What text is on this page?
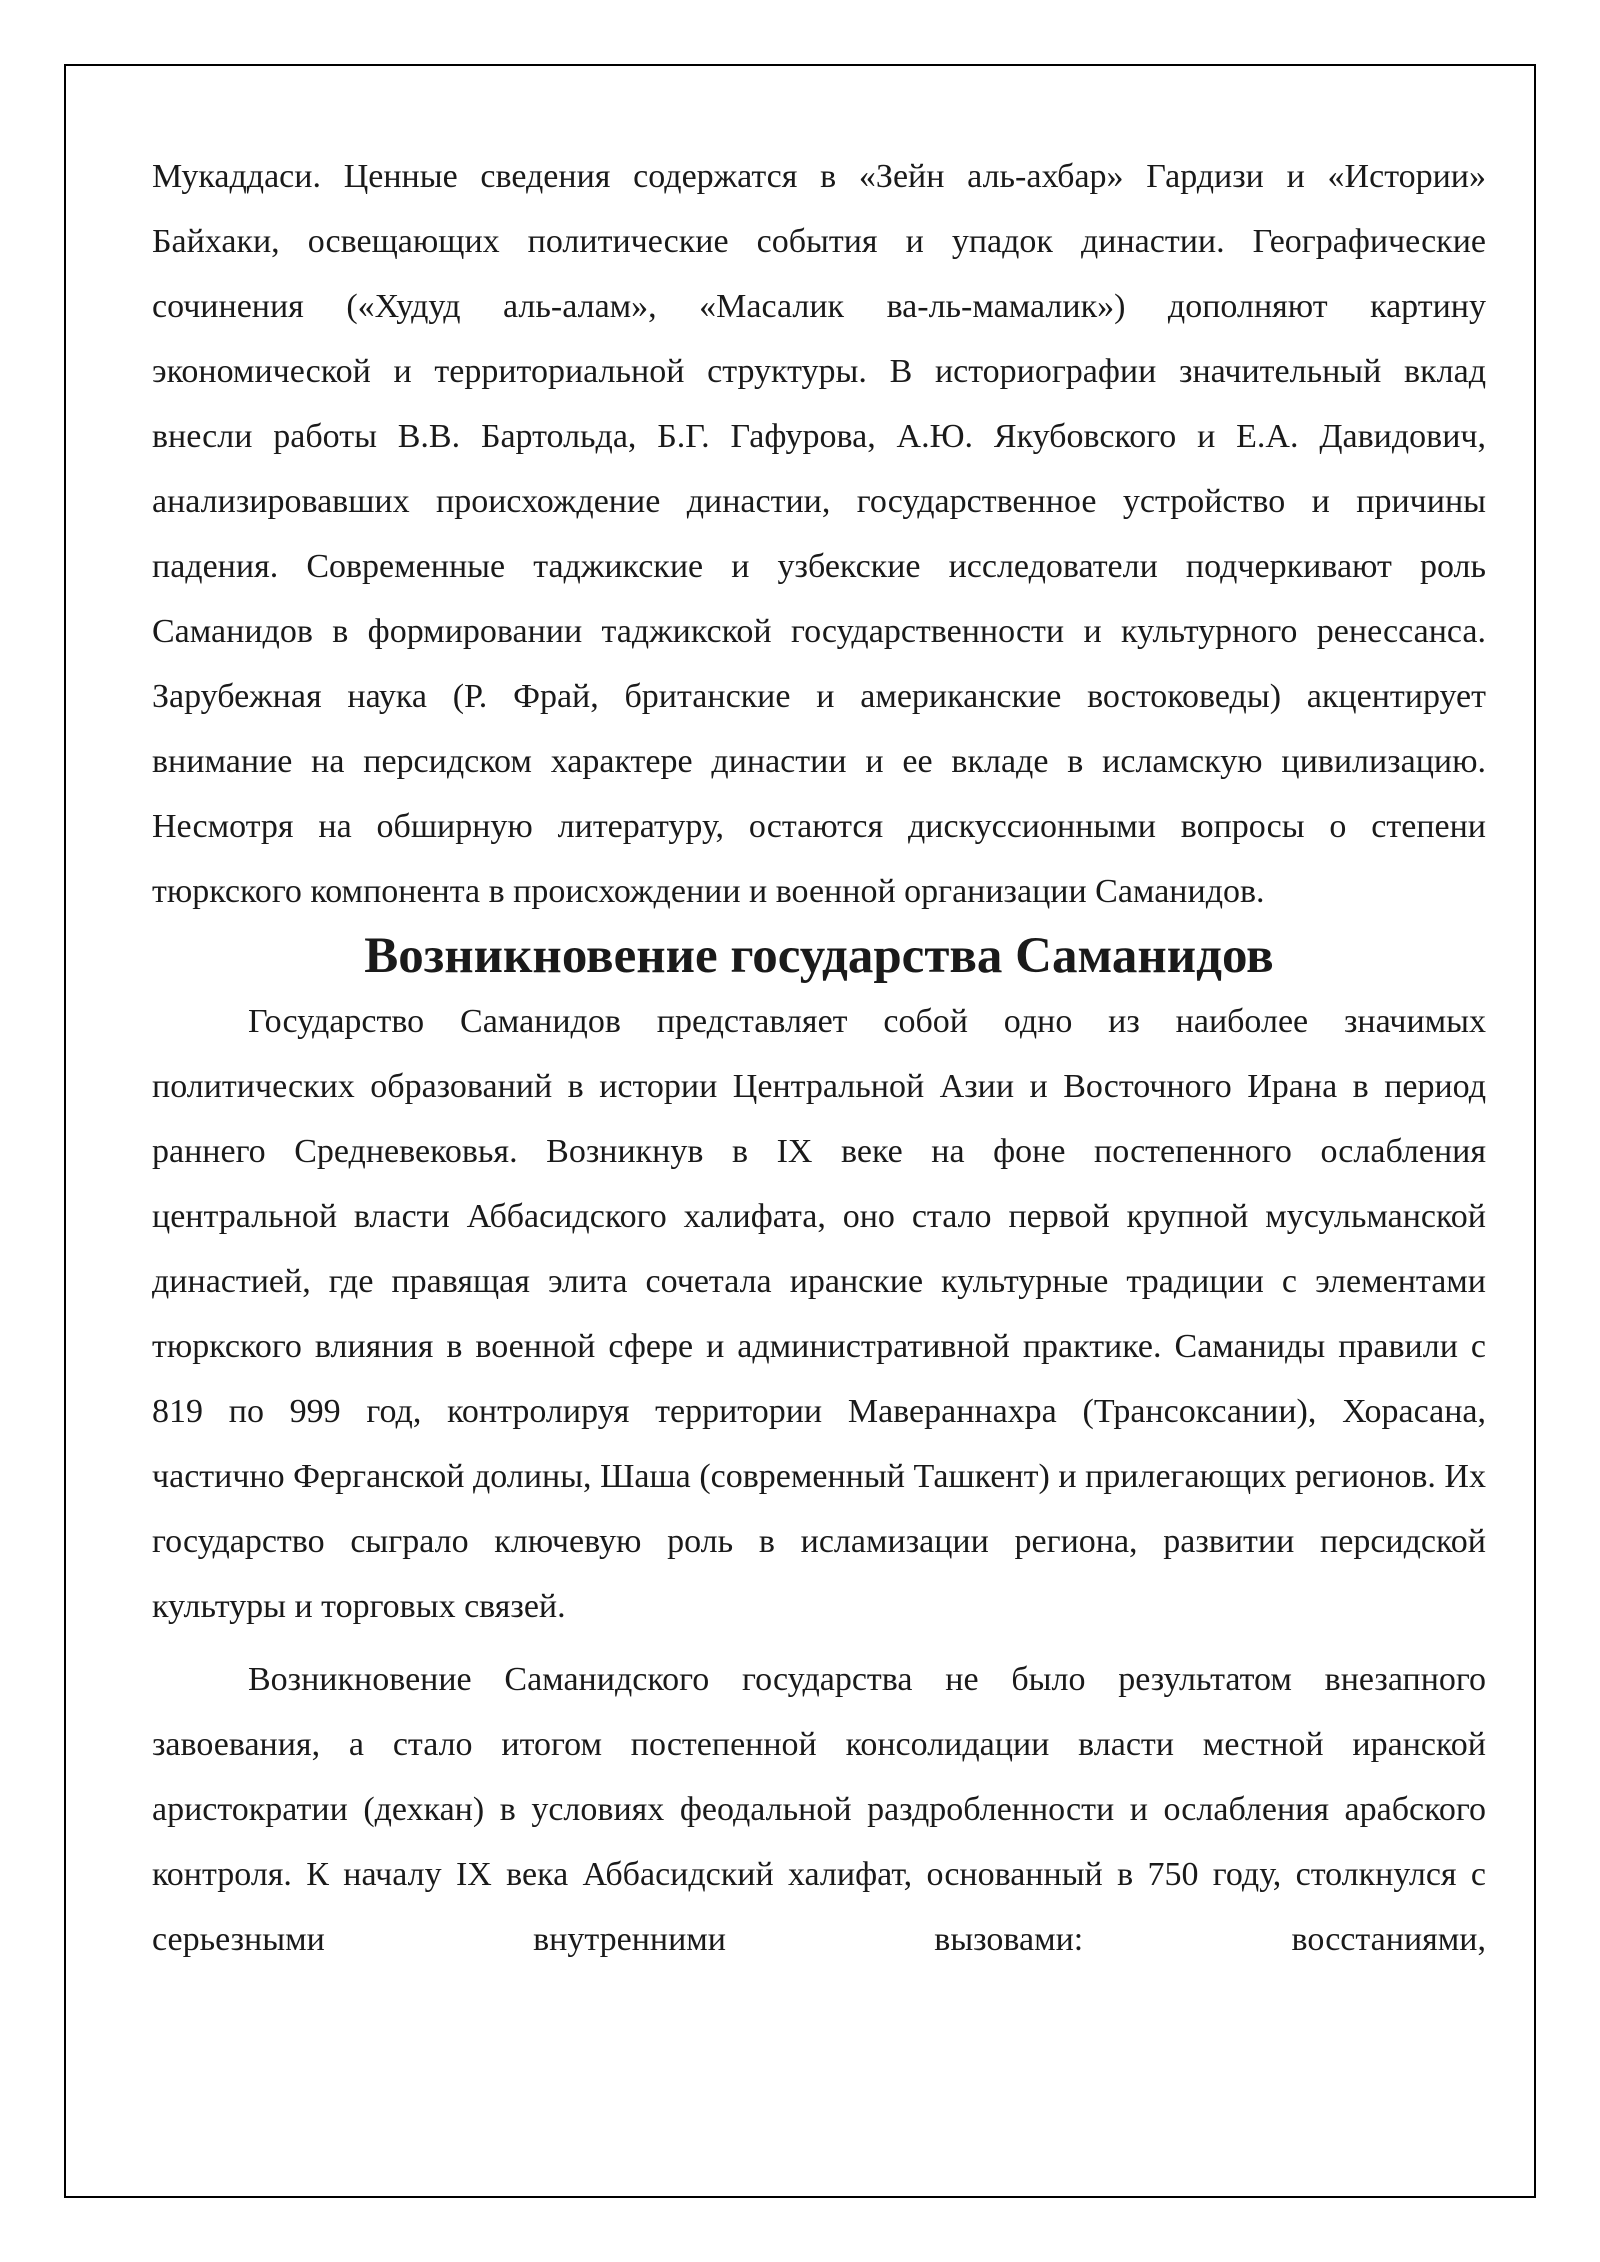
Мукаддаси. Ценные сведения содержатся в «Зейн аль-ахбар» Гардизи и «Истории» Байхаки, освещающих политические события и упадок династии. Географические сочинения («Худуд аль-алам», «Масалик ва-ль-мамалик») дополняют картину экономической и территориальной структуры. В историографии значительный вклад внесли работы В.В. Бартольда, Б.Г. Гафурова, А.Ю. Якубовского и Е.А. Давидович, анализировавших происхождение династии, государственное устройство и причины падения. Современные таджикские и узбекские исследователи подчеркивают роль Саманидов в формировании таджикской государственности и культурного ренессанса. Зарубежная наука (Р. Фрай, британские и американские востоковеды) акцентирует внимание на персидском характере династии и ее вкладе в исламскую цивилизацию. Несмотря на обширную литературу, остаются дискуссионными вопросы о степени тюркского компонента в происхождении и военной организации Саманидов.

Возникновение государства Саманидов

Государство Саманидов представляет собой одно из наиболее значимых политических образований в истории Центральной Азии и Восточного Ирана в период раннего Средневековья. Возникнув в IX веке на фоне постепенного ослабления центральной власти Аббасидского халифата, оно стало первой крупной мусульманской династией, где правящая элита сочетала иранские культурные традиции с элементами тюркского влияния в военной сфере и административной практике. Саманиды правили с 819 по 999 год, контролируя территории Мавераннахра (Трансоксании), Хорасана, частично Ферганской долины, Шаша (современный Ташкент) и прилегающих регионов. Их государство сыграло ключевую роль в исламизации региона, развитии персидской культуры и торговых связей.

Возникновение Саманидского государства не было результатом внезапного завоевания, а стало итогом постепенной консолидации власти местной иранской аристократии (дехкан) в условиях феодальной раздробленности и ослабления арабского контроля. К началу IX века Аббасидский халифат, основанный в 750 году, столкнулся с серьезными внутренними вызовами: восстаниями,
